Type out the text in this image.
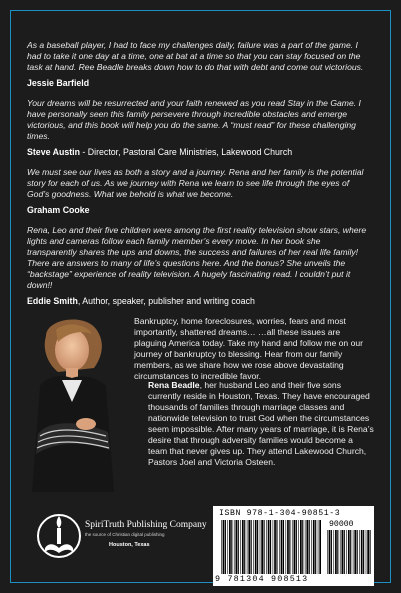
As a baseball player, I had to face my challenges daily, failure was a part of the game. I had to take it one day at a time, one at bat at a time so that you can stay focused on the task at hand. Ree Beadle breaks down how to do that with debt and come out victorious.

Jessie Barfield

Your dreams will be resurrected and your faith renewed as you read Stay in the Game. I have personally seen this family persevere through incredible obstacles and emerge victorious, and this book will help you do the same. A “must read” for these challenging times.

Steve Austin - Director, Pastoral Care Ministries, Lakewood Church

We must see our lives as both a story and a journey. Rena and her family is the potential story for each of us. As we journey with Rena we learn to see life through the eyes of God’s goodness. What we behold is what we become.

Graham Cooke

Rena, Leo and their five children were among the first reality television show stars, where lights and cameras follow each family member’s every move. In her book she transparently shares the ups and downs, the success and failures of her real life family! There are answers to many of life’s questions here. And the bonus? She unveils the “backstage” experience of reality television. A hugely fascinating read. I couldn’t put it down!!

Eddie Smith, Author, speaker, publisher and writing coach

Bankruptcy, home foreclosures, worries, fears and most importantly, shattered dreams… …all these issues are plaguing America today. Take my hand and follow me on our journey of bankruptcy to blessing. Hear from our family members, as we share how we rose above devastating circumstances to incredible favor.

Rena Beadle, her husband Leo and their five sons currently reside in Houston, Texas. They have encouraged thousands of families through marriage classes and nationwide television to trust God when the circumstances seem impossible. After many years of marriage, it is Rena’s desire that through adversity families would become a team that never gives up. They attend Lakewood Church, Pastors Joel and Victoria Osteen.

SpiriTruth Publishing Company
the source of Christian digital publishing
Houston, Texas
ISBN 978-1-304-90851-3
90000
9 781304 908513
